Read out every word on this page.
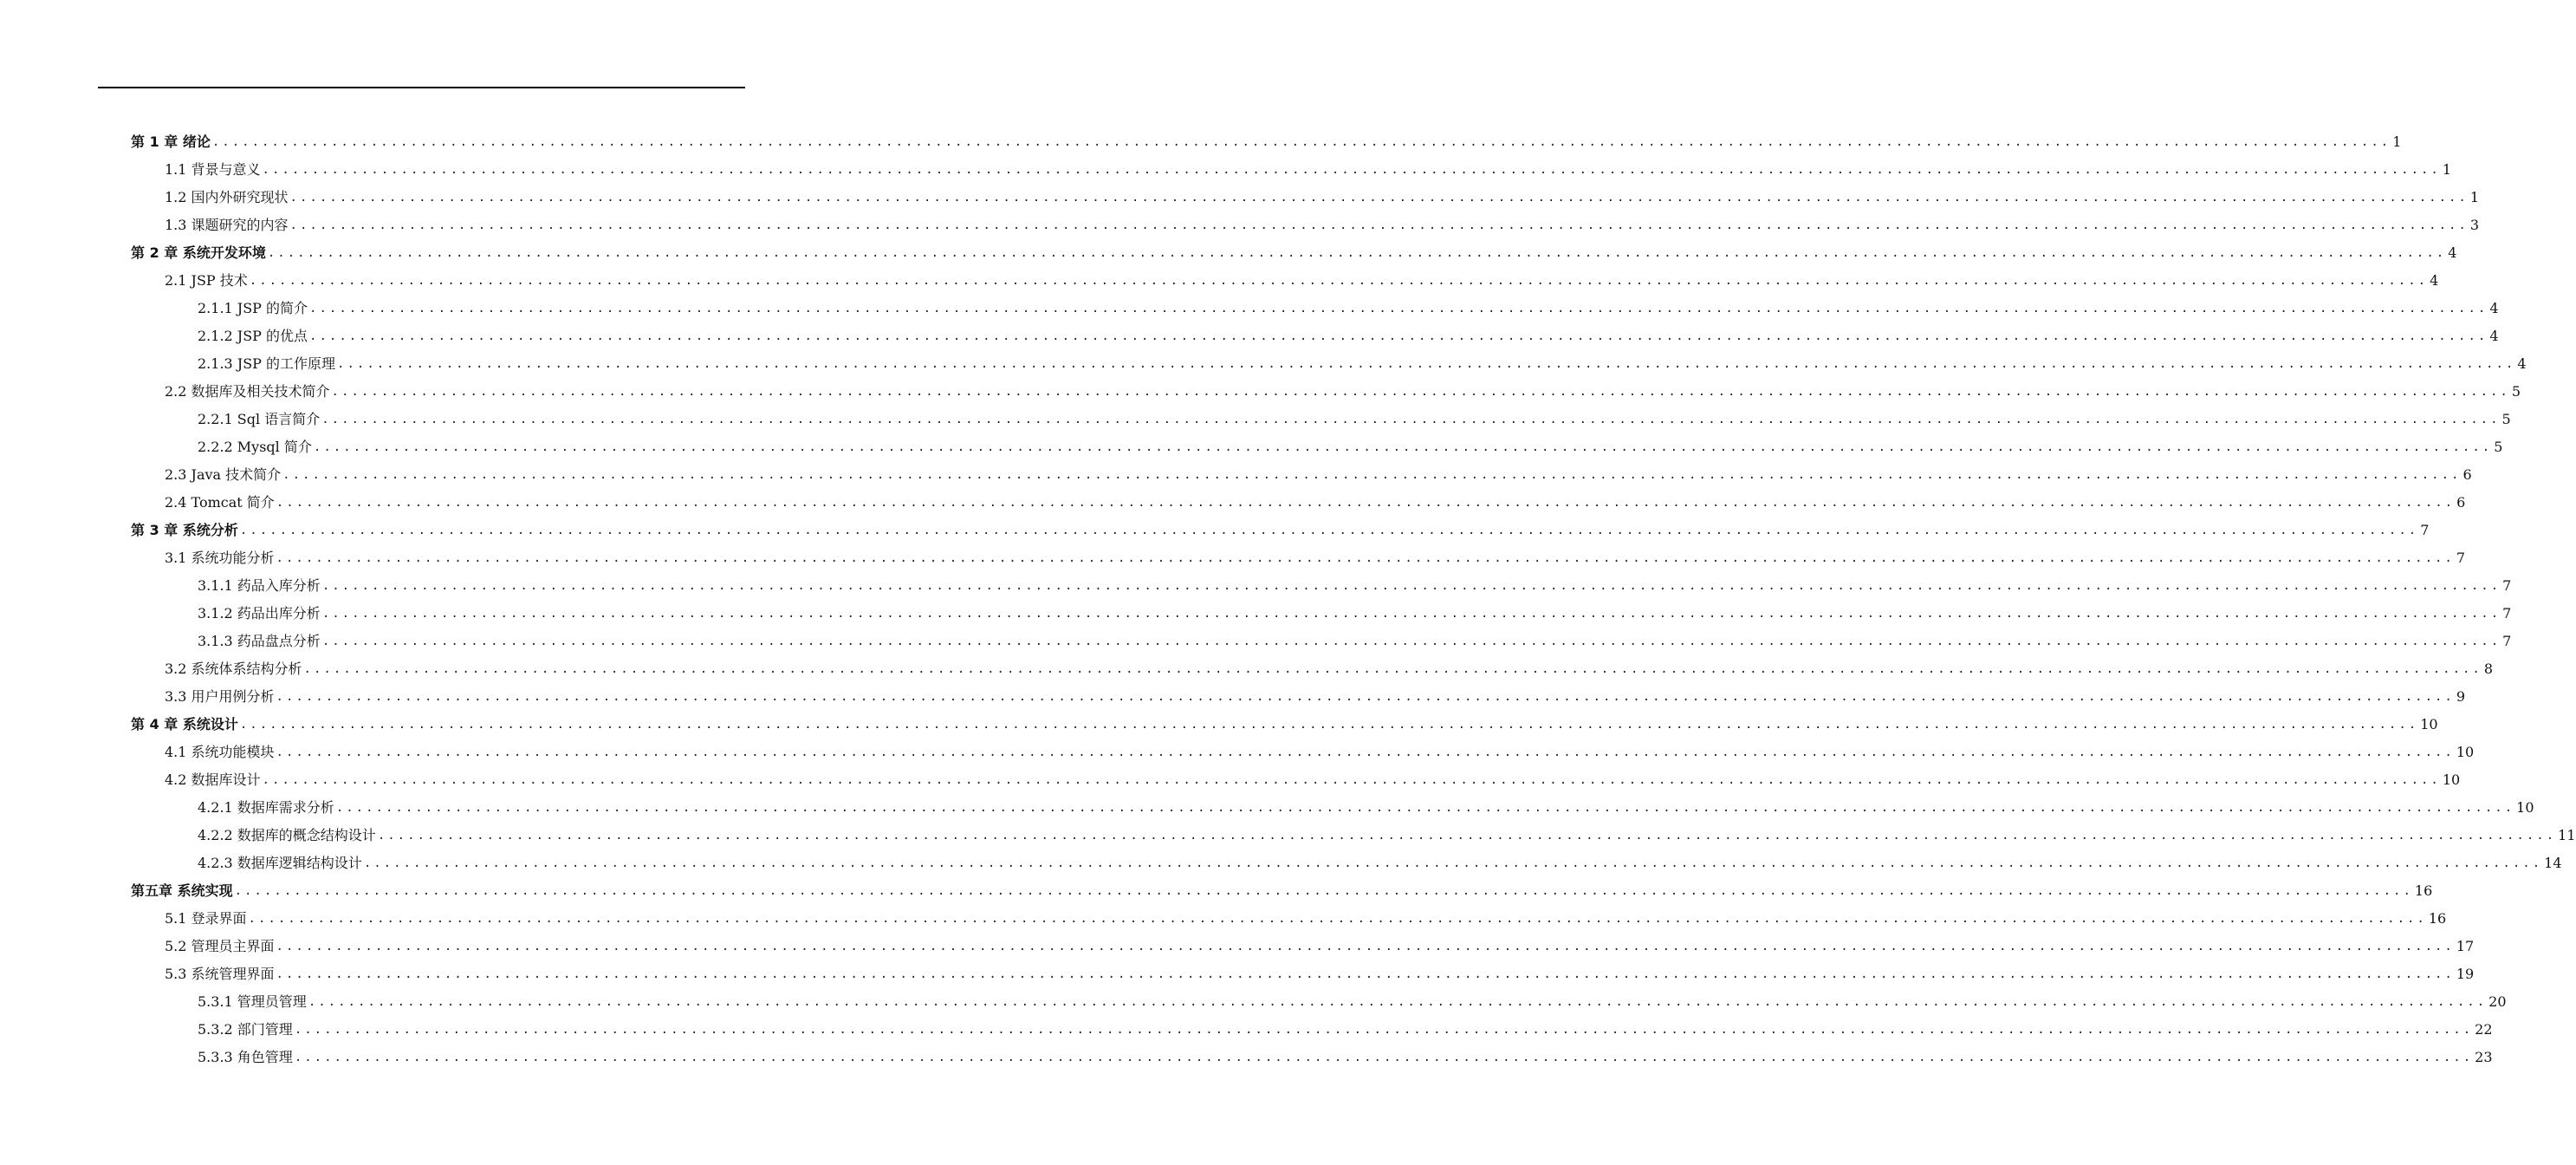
第 1 章 绪论 ............................................................................................................................................................................................................................ 1
1.1 背景与意义 ............................................................................................................................................................................................................................ 1
1.2 国内外研究现状 ............................................................................................................................................................................................................................ 1
1.3 课题研究的内容 ............................................................................................................................................................................................................................ 3
第 2 章 系统开发环境 ............................................................................................................................................................................................................................ 4
2.1 JSP 技术 ............................................................................................................................................................................................................................ 4
2.1.1 JSP 的简介 ............................................................................................................................................................................................................................ 4
2.1.2 JSP 的优点 ............................................................................................................................................................................................................................ 4
2.1.3 JSP 的工作原理 ............................................................................................................................................................................................................................ 4
2.2 数据库及相关技术简介 ............................................................................................................................................................................................................................ 5
2.2.1 Sql 语言简介 ............................................................................................................................................................................................................................ 5
2.2.2 Mysql 简介 ............................................................................................................................................................................................................................ 5
2.3 Java 技术简介 ............................................................................................................................................................................................................................ 6
2.4 Tomcat 简介 ............................................................................................................................................................................................................................ 6
第 3 章 系统分析 ............................................................................................................................................................................................................................ 7
3.1 系统功能分析 ............................................................................................................................................................................................................................ 7
3.1.1 药品入库分析 ............................................................................................................................................................................................................................ 7
3.1.2 药品出库分析 ............................................................................................................................................................................................................................ 7
3.1.3 药品盘点分析 ............................................................................................................................................................................................................................ 7
3.2 系统体系结构分析 ............................................................................................................................................................................................................................ 8
3.3 用户用例分析 ............................................................................................................................................................................................................................ 9
第 4 章 系统设计 ............................................................................................................................................................................................................................ 10
4.1 系统功能模块 ............................................................................................................................................................................................................................ 10
4.2 数据库设计 ............................................................................................................................................................................................................................ 10
4.2.1 数据库需求分析 ............................................................................................................................................................................................................................ 10
4.2.2 数据库的概念结构设计 ............................................................................................................................................................................................................................ 11
4.2.3 数据库逻辑结构设计 ............................................................................................................................................................................................................................ 14
第五章 系统实现 ............................................................................................................................................................................................................................ 16
5.1 登录界面 ............................................................................................................................................................................................................................ 16
5.2 管理员主界面 ............................................................................................................................................................................................................................ 17
5.3 系统管理界面 ............................................................................................................................................................................................................................ 19
5.3.1 管理员管理 ............................................................................................................................................................................................................................ 20
5.3.2 部门管理 ............................................................................................................................................................................................................................ 22
5.3.3 角色管理 ............................................................................................................................................................................................................................ 23
